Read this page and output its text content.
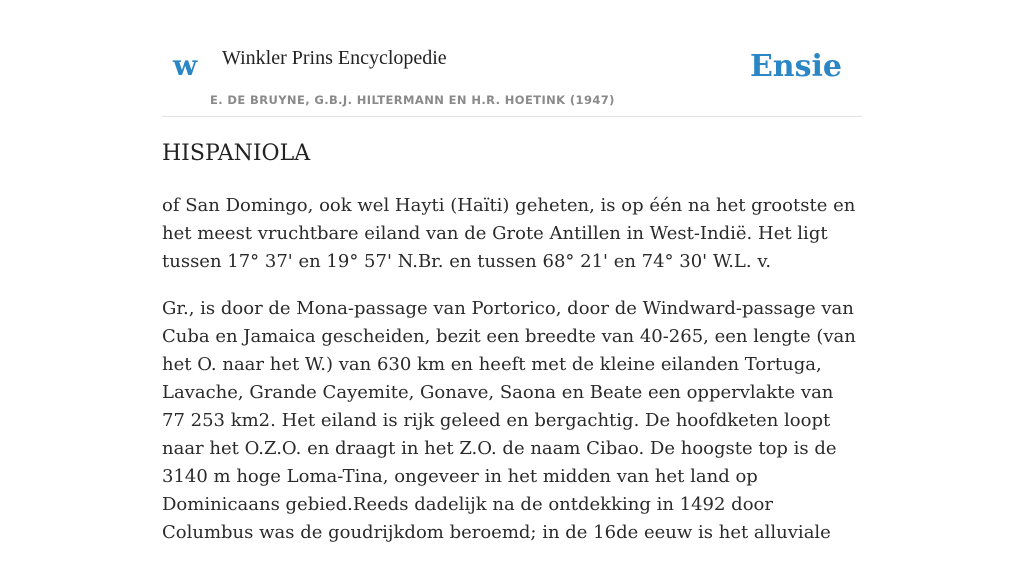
w Winkler Prins Encyclopedie
E. DE BRUYNE, G.B.J. HILTERMANN EN H.R. HOETINK (1947)
Ensie
HISPANIOLA

of San Domingo, ook wel Hayti (Haïti) geheten, is op één na het grootste en het meest vruchtbare eiland van de Grote Antillen in West-Indië. Het ligt tussen 17° 37' en 19° 57' N.Br. en tussen 68° 21' en 74° 30' W.L. v.

Gr., is door de Mona-passage van Portorico, door de Windward-passage van Cuba en Jamaica gescheiden, bezit een breedte van 40-265, een lengte (van het O. naar het W.) van 630 km en heeft met de kleine eilanden Tortuga, Lavache, Grande Cayemite, Gonave, Saona en Beate een oppervlakte van 77 253 km2. Het eiland is rijk geleed en bergachtig. De hoofdketen loopt naar het O.Z.O. en draagt in het Z.O. de naam Cibao. De hoogste top is de 3140 m hoge Loma-Tina, ongeveer in het midden van het land op Dominicaans gebied.Reeds dadelijk na de ontdekking in 1492 door Columbus was de goudrijkdom beroemd; in de 16de eeuw is het alluviale
